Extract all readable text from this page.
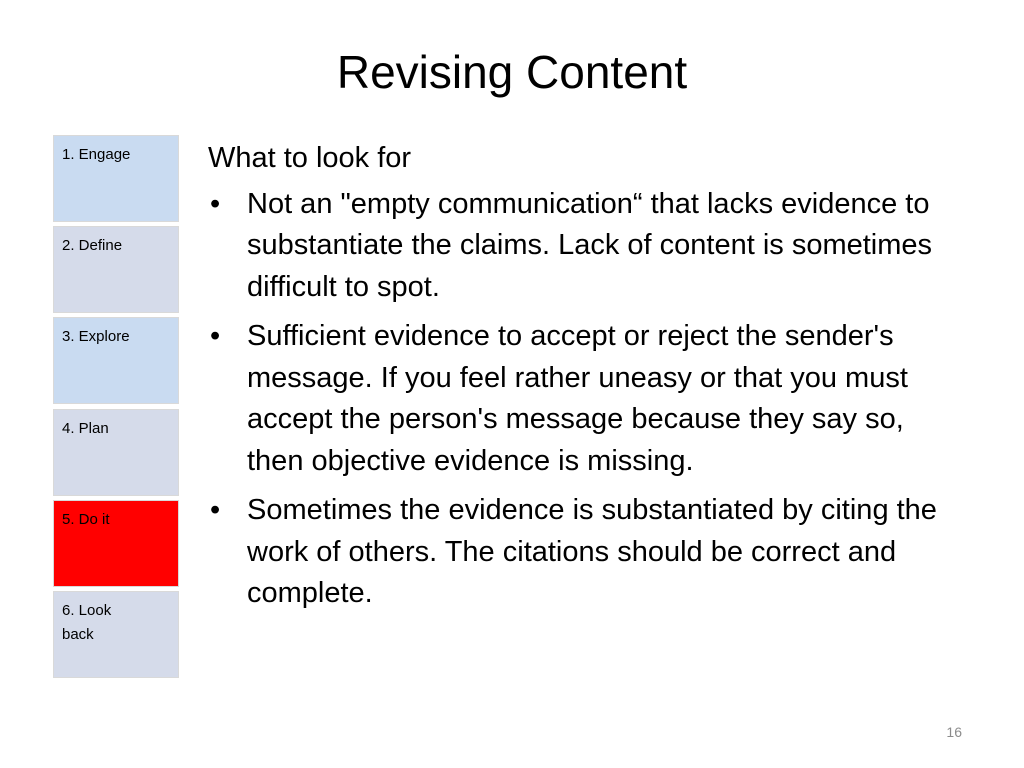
Revising Content
1. Engage
2. Define
3. Explore
4. Plan
5. Do it
6. Look back
What to look for
• Not an "empty communication“ that lacks evidence to substantiate the claims. Lack of content is sometimes difficult to spot.
• Sufficient evidence to accept or reject the sender's message. If you feel rather uneasy or that you must accept the person's message because they say so, then objective evidence is missing.
• Sometimes the evidence is substantiated by citing the work of others. The citations should be correct and complete.
16
